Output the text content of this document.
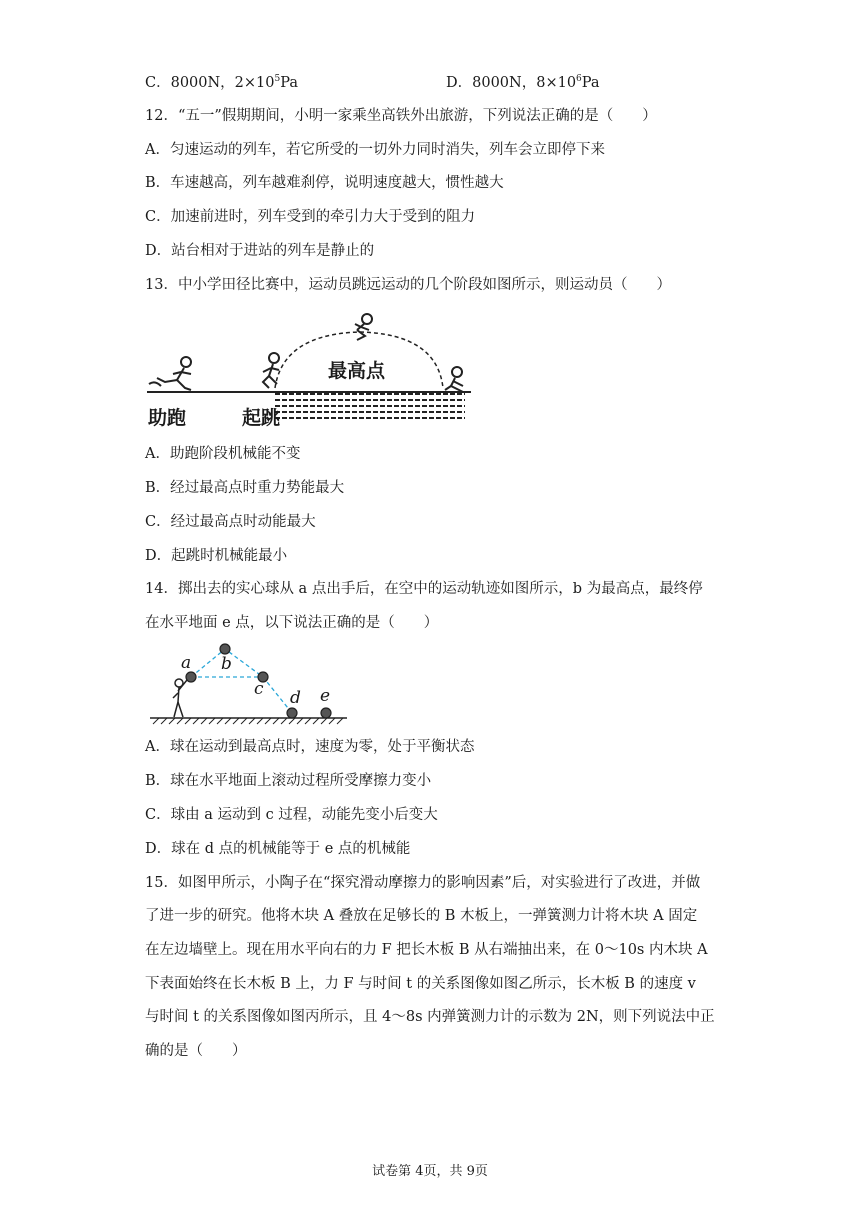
C．8000N，$2\times 10^5Pa$	D．8000N，$8\times 10^6Pa$
12．“五一”假期期间，小明一家乘坐高铁外出旅游，下列说法正确的是（　　）
A．匀速运动的列车，若它所受的一切外力同时消失，列车会立即停下来
B．车速越高，列车越难刹停，说明速度越大，惯性越大
C．加速前进时，列车受到的牵引力大于受到的阻力
D．站台相对于进站的列车是静止的
13．中小学田径比赛中，运动员跳远运动的几个阶段如图所示，则运动员（　　）
最高点
助跑	起跳
A．助跑阶段机械能不变
B．经过最高点时重力势能最大
C．经过最高点时动能最大
D．起跳时机械能最小
14．掷出去的实心球从 a 点出手后，在空中的运动轨迹如图所示，b 为最高点，最终停
在水平地面 e 点，以下说法正确的是（　　）
a b
c d e
A．球在运动到最高点时，速度为零，处于平衡状态
B．球在水平地面上滚动过程所受摩擦力变小
C．球由 a 运动到 c 过程，动能先变小后变大
D．球在 d 点的机械能等于 e 点的机械能
15．如图甲所示，小陶子在“探究滑动摩擦力的影响因素”后，对实验进行了改进，并做
了进一步的研究。他将木块 A 叠放在足够长的 B 木板上，一弹簧测力计将木块 A 固定
在左边墙壁上。现在用水平向右的力 F 把长木板 B 从右端抽出来，在 0～10s 内木块 A
下表面始终在长木板 B 上，力 F 与时间 t 的关系图像如图乙所示，长木板 B 的速度 v
与时间 t 的关系图像如图丙所示，且 4～8s 内弹簧测力计的示数为 2N，则下列说法中正
确的是（　　）
试卷第 4页，共 9页
